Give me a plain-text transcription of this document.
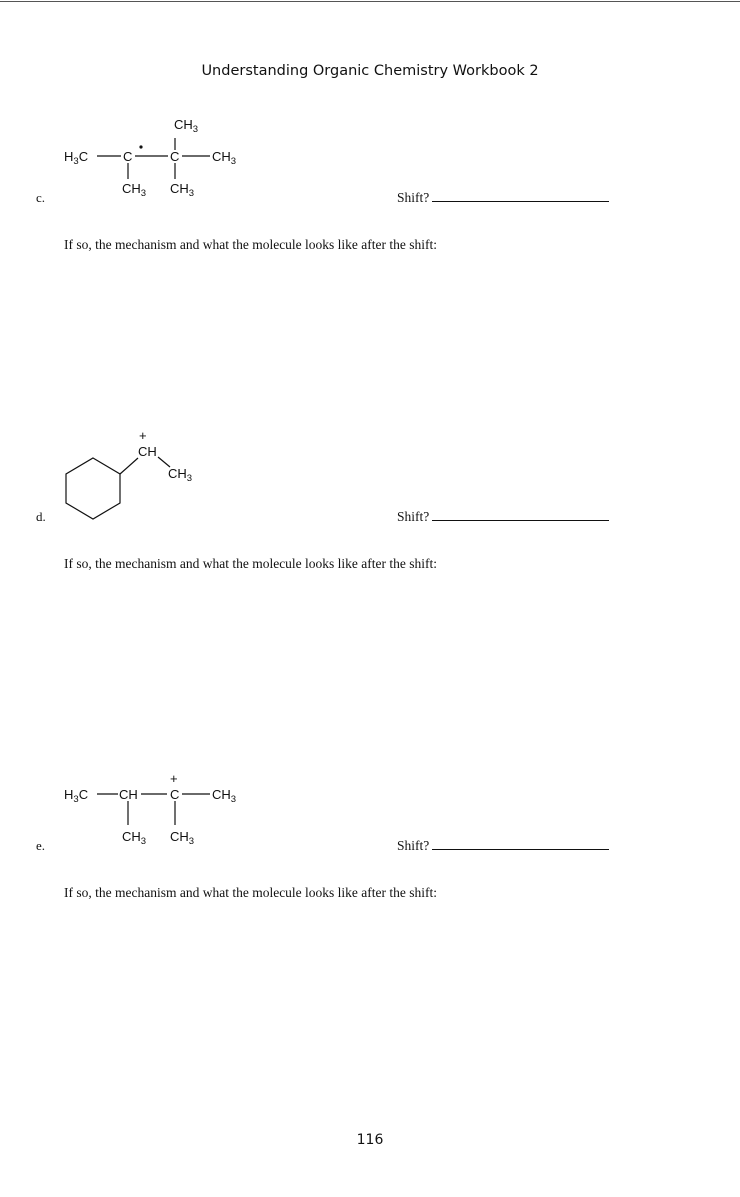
Understanding Organic Chemistry Workbook 2
$H_3C$	C	C	$CH_3$
$CH_3$
$CH_3$ $CH_3$
c.	Shift?
If so, the mechanism and what the molecule looks like after the shift:
+
CH
$CH_3$
d.	Shift?
If so, the mechanism and what the molecule looks like after the shift:
$H_3C$ CH
+
C	$CH_3$
$CH_3$ $CH_3$
e.	Shift?
If so, the mechanism and what the molecule looks like after the shift:
116
